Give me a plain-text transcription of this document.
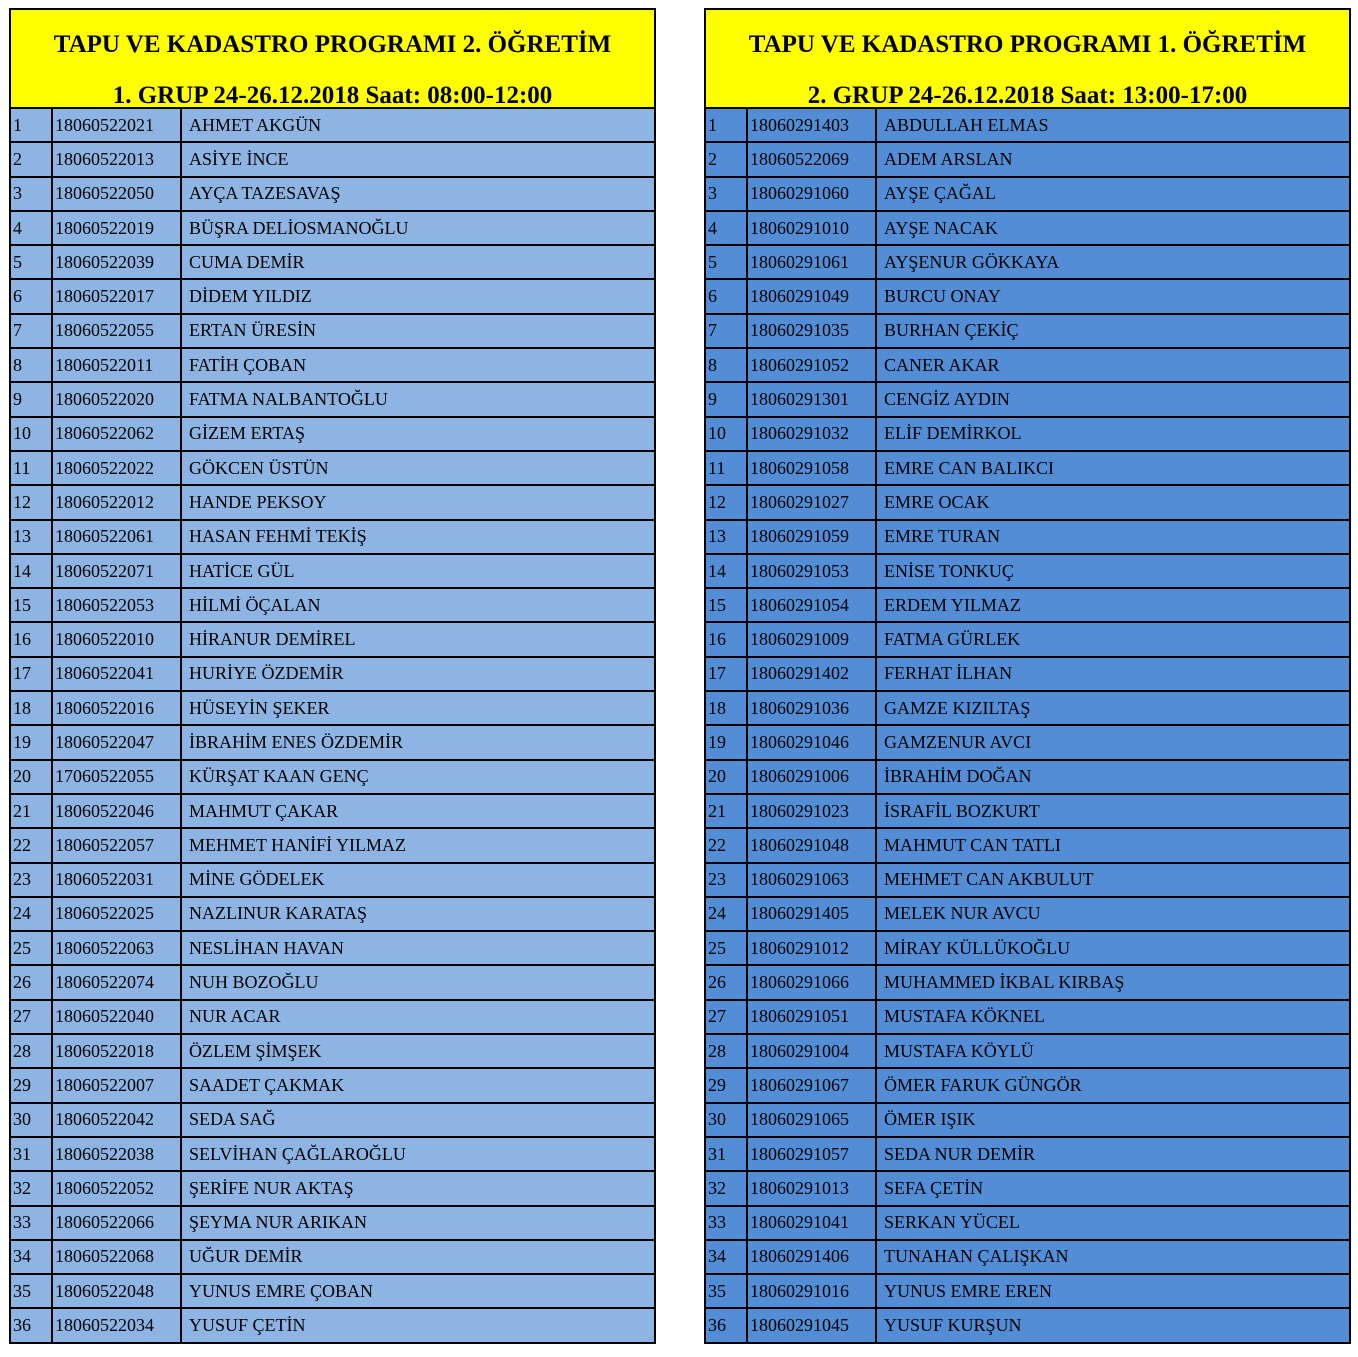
TAPU VE KADASTRO PROGRAMI 2. ÖĞRETİM
1. GRUP 24-26.12.2018 Saat: 08:00-12:00
1	18060522021	AHMET AKGÜN
2	18060522013	ASİYE İNCE
3	18060522050	AYÇA TAZESAVAŞ
4	18060522019	BÜŞRA DELİOSMANOĞLU
5	18060522039	CUMA DEMİR
6	18060522017	DİDEM YILDIZ
7	18060522055	ERTAN ÜRESİN
8	18060522011	FATİH ÇOBAN
9	18060522020	FATMA NALBANTOĞLU
10	18060522062	GİZEM ERTAŞ
11	18060522022	GÖKCEN ÜSTÜN
12	18060522012	HANDE PEKSOY
13	18060522061	HASAN FEHMİ TEKİŞ
14	18060522071	HATİCE GÜL
15	18060522053	HİLMİ ÖÇALAN
16	18060522010	HİRANUR DEMİREL
17	18060522041	HURİYE ÖZDEMİR
18	18060522016	HÜSEYİN ŞEKER
19	18060522047	İBRAHİM ENES ÖZDEMİR
20	17060522055	KÜRŞAT KAAN GENÇ
21	18060522046	MAHMUT ÇAKAR
22	18060522057	MEHMET HANİFİ YILMAZ
23	18060522031	MİNE GÖDELEK
24	18060522025	NAZLINUR KARATAŞ
25	18060522063	NESLİHAN HAVAN
26	18060522074	NUH BOZOĞLU
27	18060522040	NUR ACAR
28	18060522018	ÖZLEM ŞİMŞEK
29	18060522007	SAADET ÇAKMAK
30	18060522042	SEDA SAĞ
31	18060522038	SELVİHAN ÇAĞLAROĞLU
32	18060522052	ŞERİFE NUR AKTAŞ
33	18060522066	ŞEYMA NUR ARIKAN
34	18060522068	UĞUR DEMİR
35	18060522048	YUNUS EMRE ÇOBAN
36	18060522034	YUSUF ÇETİN
TAPU VE KADASTRO PROGRAMI 1. ÖĞRETİM
2. GRUP 24-26.12.2018 Saat: 13:00-17:00
1	18060291403	ABDULLAH ELMAS
2	18060522069	ADEM ARSLAN
3	18060291060	AYŞE ÇAĞAL
4	18060291010	AYŞE NACAK
5	18060291061	AYŞENUR GÖKKAYA
6	18060291049	BURCU ONAY
7	18060291035	BURHAN ÇEKİÇ
8	18060291052	CANER AKAR
9	18060291301	CENGİZ AYDIN
10	18060291032	ELİF DEMİRKOL
11	18060291058	EMRE CAN BALIKCI
12	18060291027	EMRE OCAK
13	18060291059	EMRE TURAN
14	18060291053	ENİSE TONKUÇ
15	18060291054	ERDEM YILMAZ
16	18060291009	FATMA GÜRLEK
17	18060291402	FERHAT İLHAN
18	18060291036	GAMZE KIZILTAŞ
19	18060291046	GAMZENUR AVCI
20	18060291006	İBRAHİM DOĞAN
21	18060291023	İSRAFİL BOZKURT
22	18060291048	MAHMUT CAN TATLI
23	18060291063	MEHMET CAN AKBULUT
24	18060291405	MELEK NUR AVCU
25	18060291012	MİRAY KÜLLÜKOĞLU
26	18060291066	MUHAMMED İKBAL KIRBAŞ
27	18060291051	MUSTAFA KÖKNEL
28	18060291004	MUSTAFA KÖYLÜ
29	18060291067	ÖMER FARUK GÜNGÖR
30	18060291065	ÖMER IŞIK
31	18060291057	SEDA NUR DEMİR
32	18060291013	SEFA ÇETİN
33	18060291041	SERKAN YÜCEL
34	18060291406	TUNAHAN ÇALIŞKAN
35	18060291016	YUNUS EMRE EREN
36	18060291045	YUSUF KURŞUN
